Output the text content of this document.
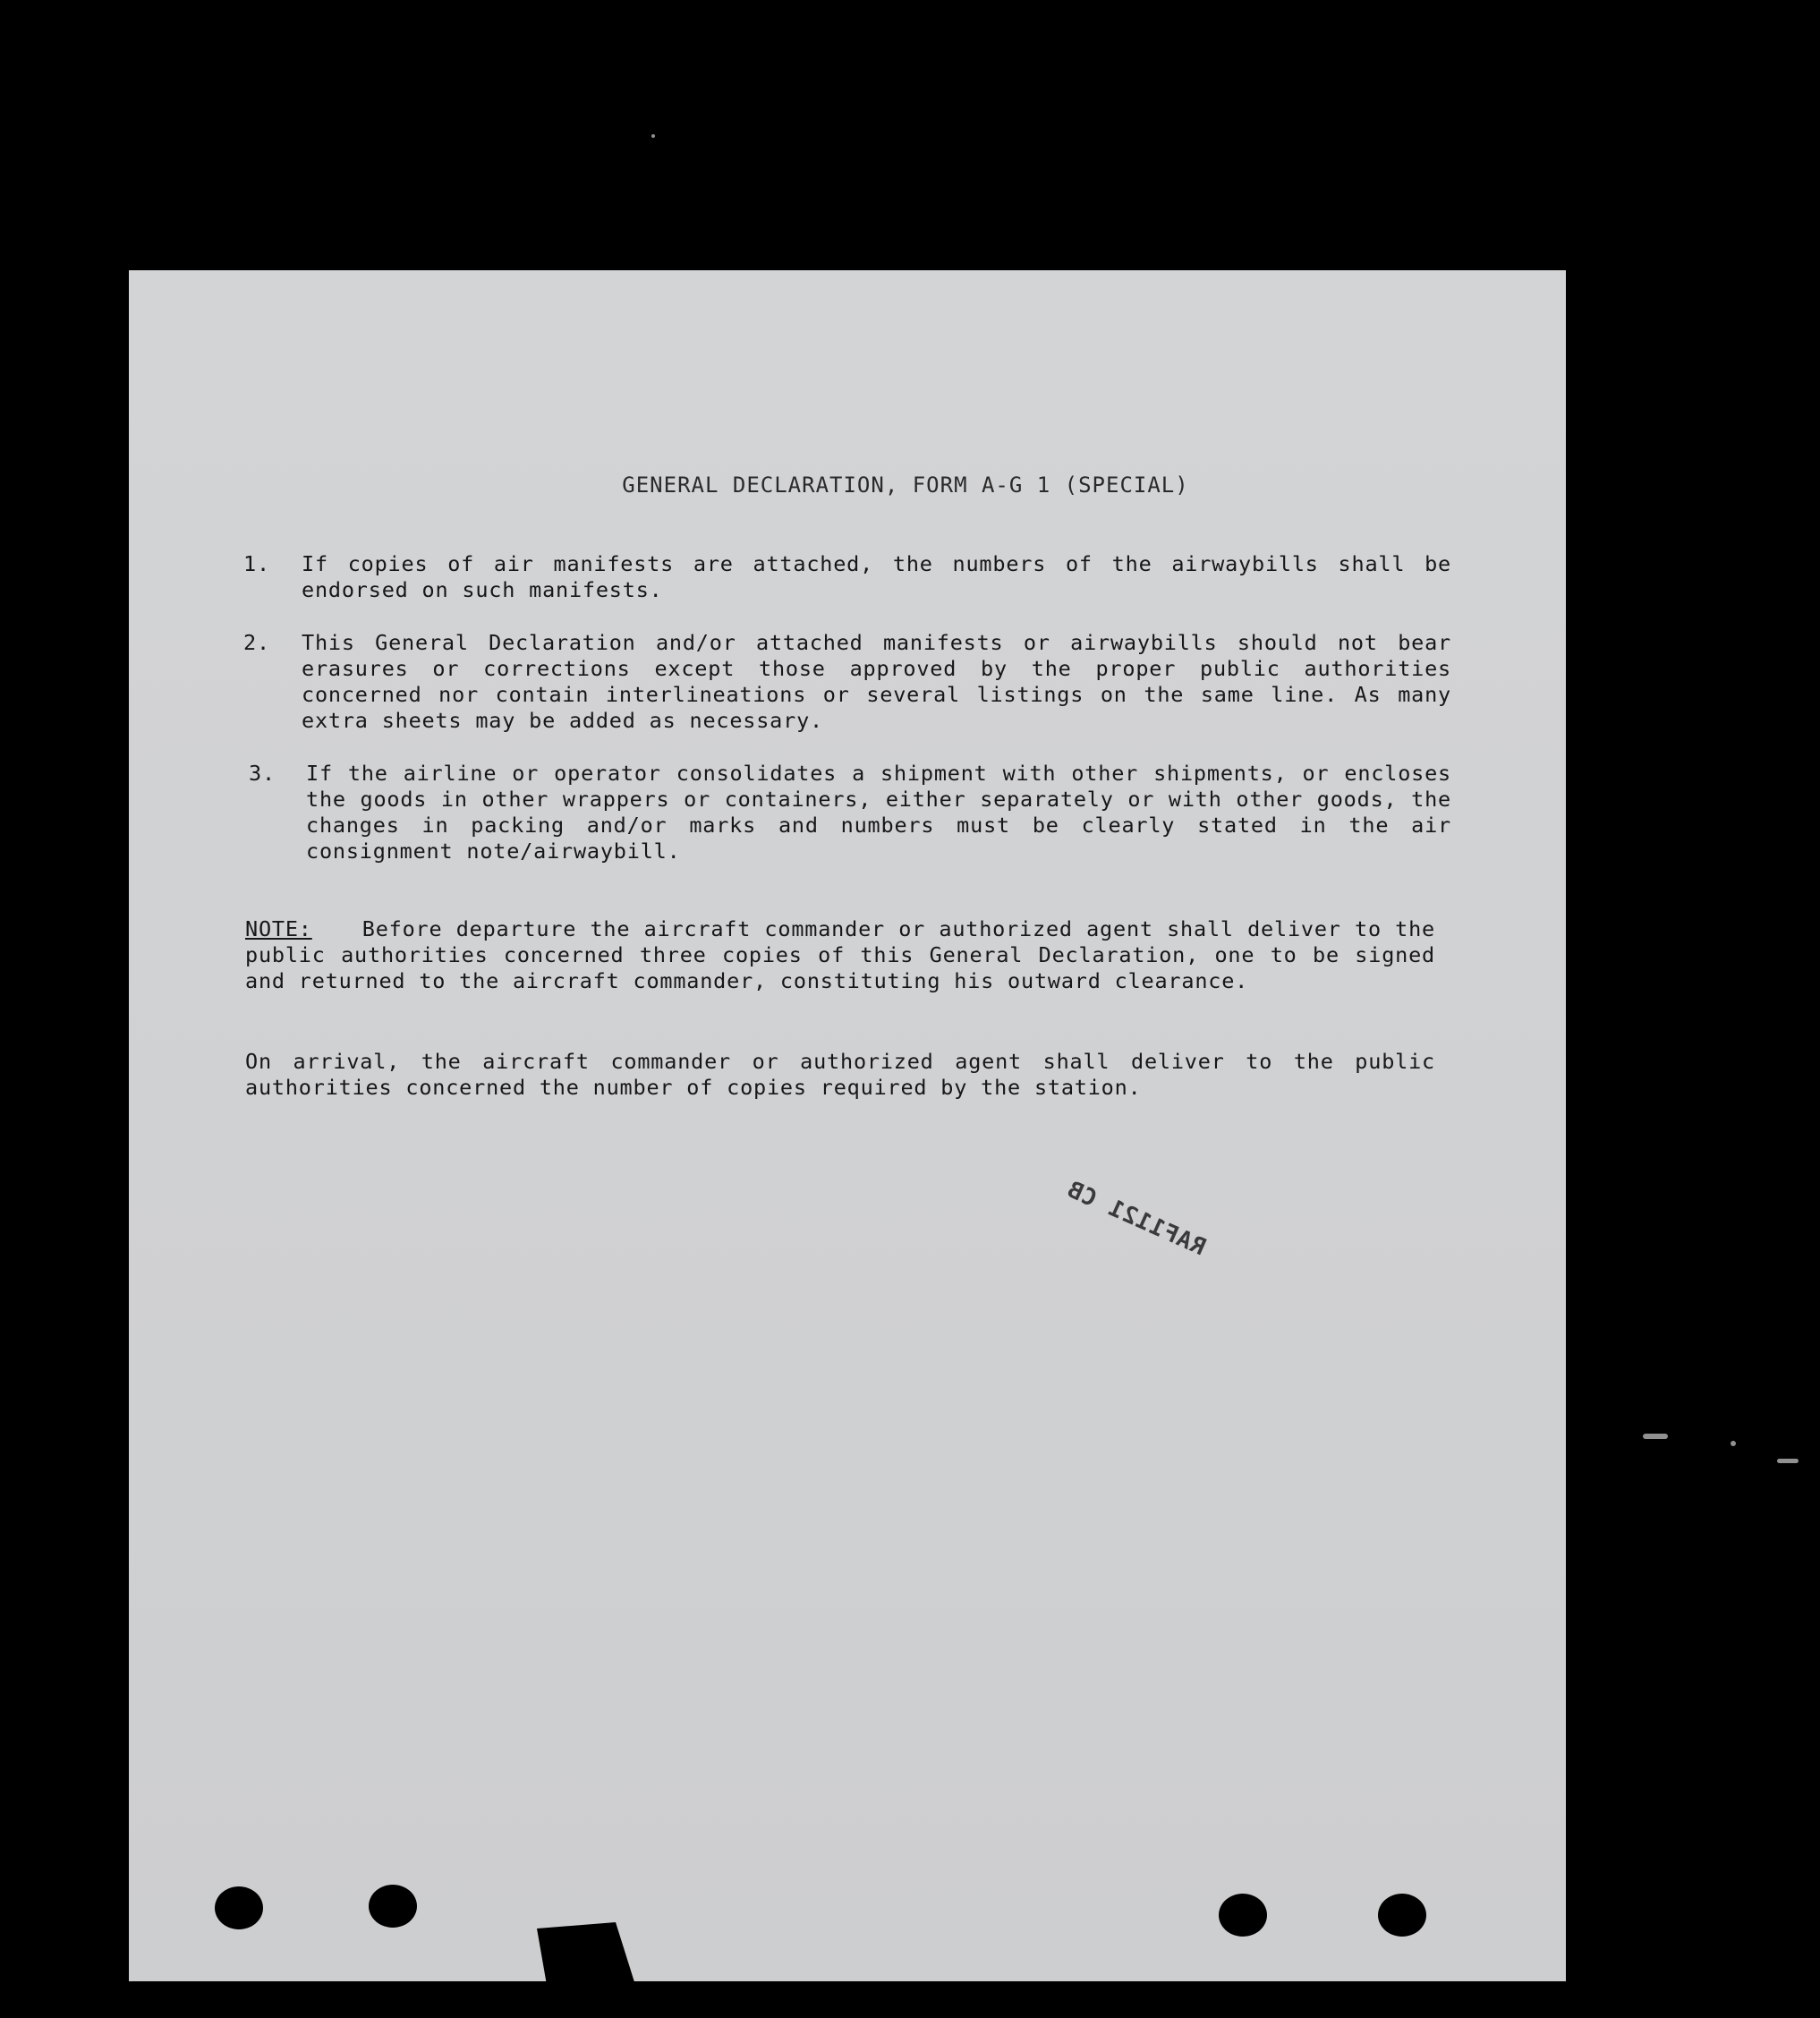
GENERAL DECLARATION, FORM A-G 1 (SPECIAL)
1.	If copies of air manifests are attached, the numbers of the airwaybills shall be endorsed on such manifests.
2.	This General Declaration and/or attached manifests or airwaybills should not bear erasures or corrections except those approved by the proper public authorities concerned nor contain interlineations or several listings on the same line. As many extra sheets may be added as necessary.
3.	If the airline or operator consolidates a shipment with other shipments, or encloses the goods in other wrappers or containers, either separately or with other goods, the changes in packing and/or marks and numbers must be clearly stated in the air consignment note/airwaybill.
NOTE: Before departure the aircraft commander or authorized agent shall deliver to the public authorities concerned three copies of this General Declaration, one to be signed and returned to the aircraft commander, constituting his outward clearance.
On arrival, the aircraft commander or authorized agent shall deliver to the public authorities concerned the number of copies required by the station.
RAF1121 CB
